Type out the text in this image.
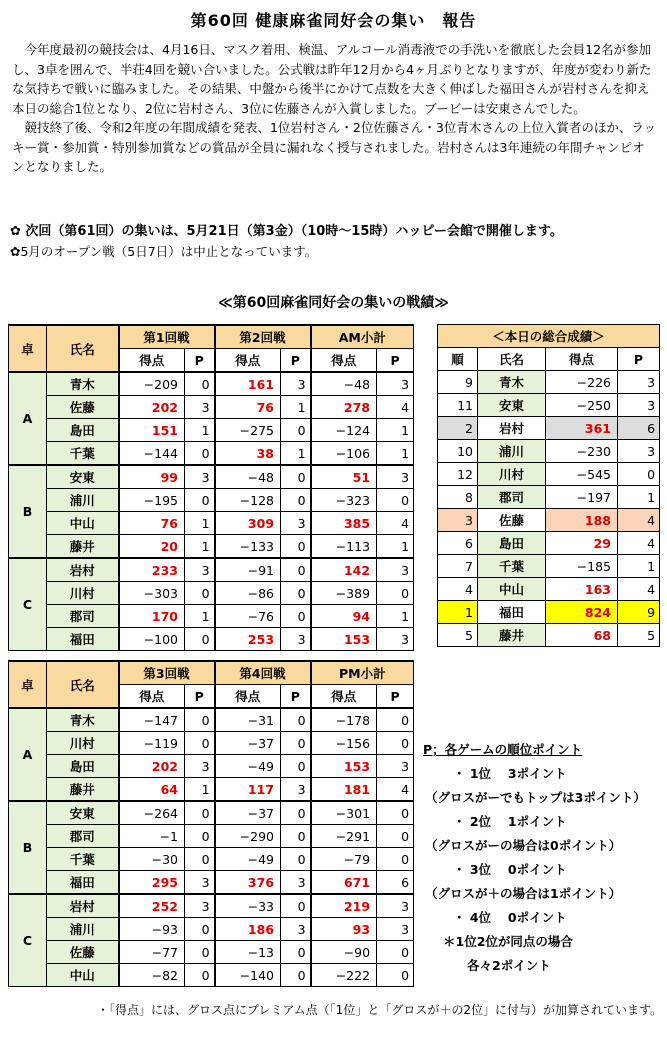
第60回 健康麻雀同好会の集い　報告

今年度最初の競技会は、4月16日、マスク着用、検温、アルコール消毒液での手洗いを徹底した会員12名が参加し、3卓を囲んで、半荘4回を競い合いました。公式戦は昨年12月から4ヶ月ぶりとなりますが、年度が変わり新たな気持ちで戦いに臨みました。その結果、中盤から後半にかけて点数を大きく伸ばした福田さんが岩村さんを抑え本日の総合1位となり、2位に岩村さん、3位に佐藤さんが入賞しました。ブービーは安東さんでした。

競技終了後、令和2年度の年間成績を発表、1位岩村さん・2位佐藤さん・3位青木さんの上位入賞者のほか、ラッキー賞・参加賞・特別参加賞などの賞品が全員に漏れなく授与されました。岩村さんは3年連続の年間チャンピオンとなりました。

✿ 次回（第61回）の集いは、5月21日（第3金）（10時～15時）ハッピー会館で開催します。
✿5月のオープン戦（5日7日）は中止となっています。
≪第60回麻雀同好会の集いの戦績≫
卓	氏名	第1回戦		第2回戦		AM小計	
		得点	P	得点	P	得点	P
A	青木	−209	0	161	3	−48	3
	佐藤	202	3	76	1	278	4
	島田	151	1	−275	0	−124	1
	千葉	−144	0	38	1	−106	1
B	安東	99	3	−48	0	51	3
	浦川	−195	0	−128	0	−323	0
	中山	76	1	309	3	385	4
	藤井	20	1	−133	0	−113	1
C	岩村	233	3	−91	0	142	3
	川村	−303	0	−86	0	−389	0
	郡司	170	1	−76	0	94	1
	福田	−100	0	253	3	153	3
卓	氏名	第3回戦		第4回戦		PM小計	
		得点	P	得点	P	得点	P
A	青木	−147	0	−31	0	−178	0
	川村	−119	0	−37	0	−156	0
	島田	202	3	−49	0	153	3
	藤井	64	1	117	3	181	4
B	安東	−264	0	−37	0	−301	0
	郡司	−1	0	−290	0	−291	0
	千葉	−30	0	−49	0	−79	0
	福田	295	3	376	3	671	6
C	岩村	252	3	−33	0	219	3
	浦川	−93	0	186	3	93	3
	佐藤	−77	0	−13	0	−90	0
	中山	−82	0	−140	0	−222	0
＜本日の総合成績＞			
順	氏名	得点	P
9	青木	−226	3
11	安東	−250	3
2	岩村	361	6
10	浦川	−230	3
12	川村	−545	0
8	郡司	−197	1
3	佐藤	188	4
6	島田	29	4
7	千葉	−185	1
4	中山	163	4
1	福田	824	9
5	藤井	68	5
P；各ゲームの順位ポイント
・ 1位　 3ポイント
（グロスがーでもトップは3ポイント）
・ 2位　 1ポイント
（グロスがーの場合は0ポイント）
・ 3位　 0ポイント
（グロスが＋の場合は1ポイント）
・ 4位　 0ポイント
＊1位2位が同点の場合
各々2ポイント
・「得点」には、グロス点にプレミアム点（「1位」と「グロスが＋の2位」に付与）が加算されています。
